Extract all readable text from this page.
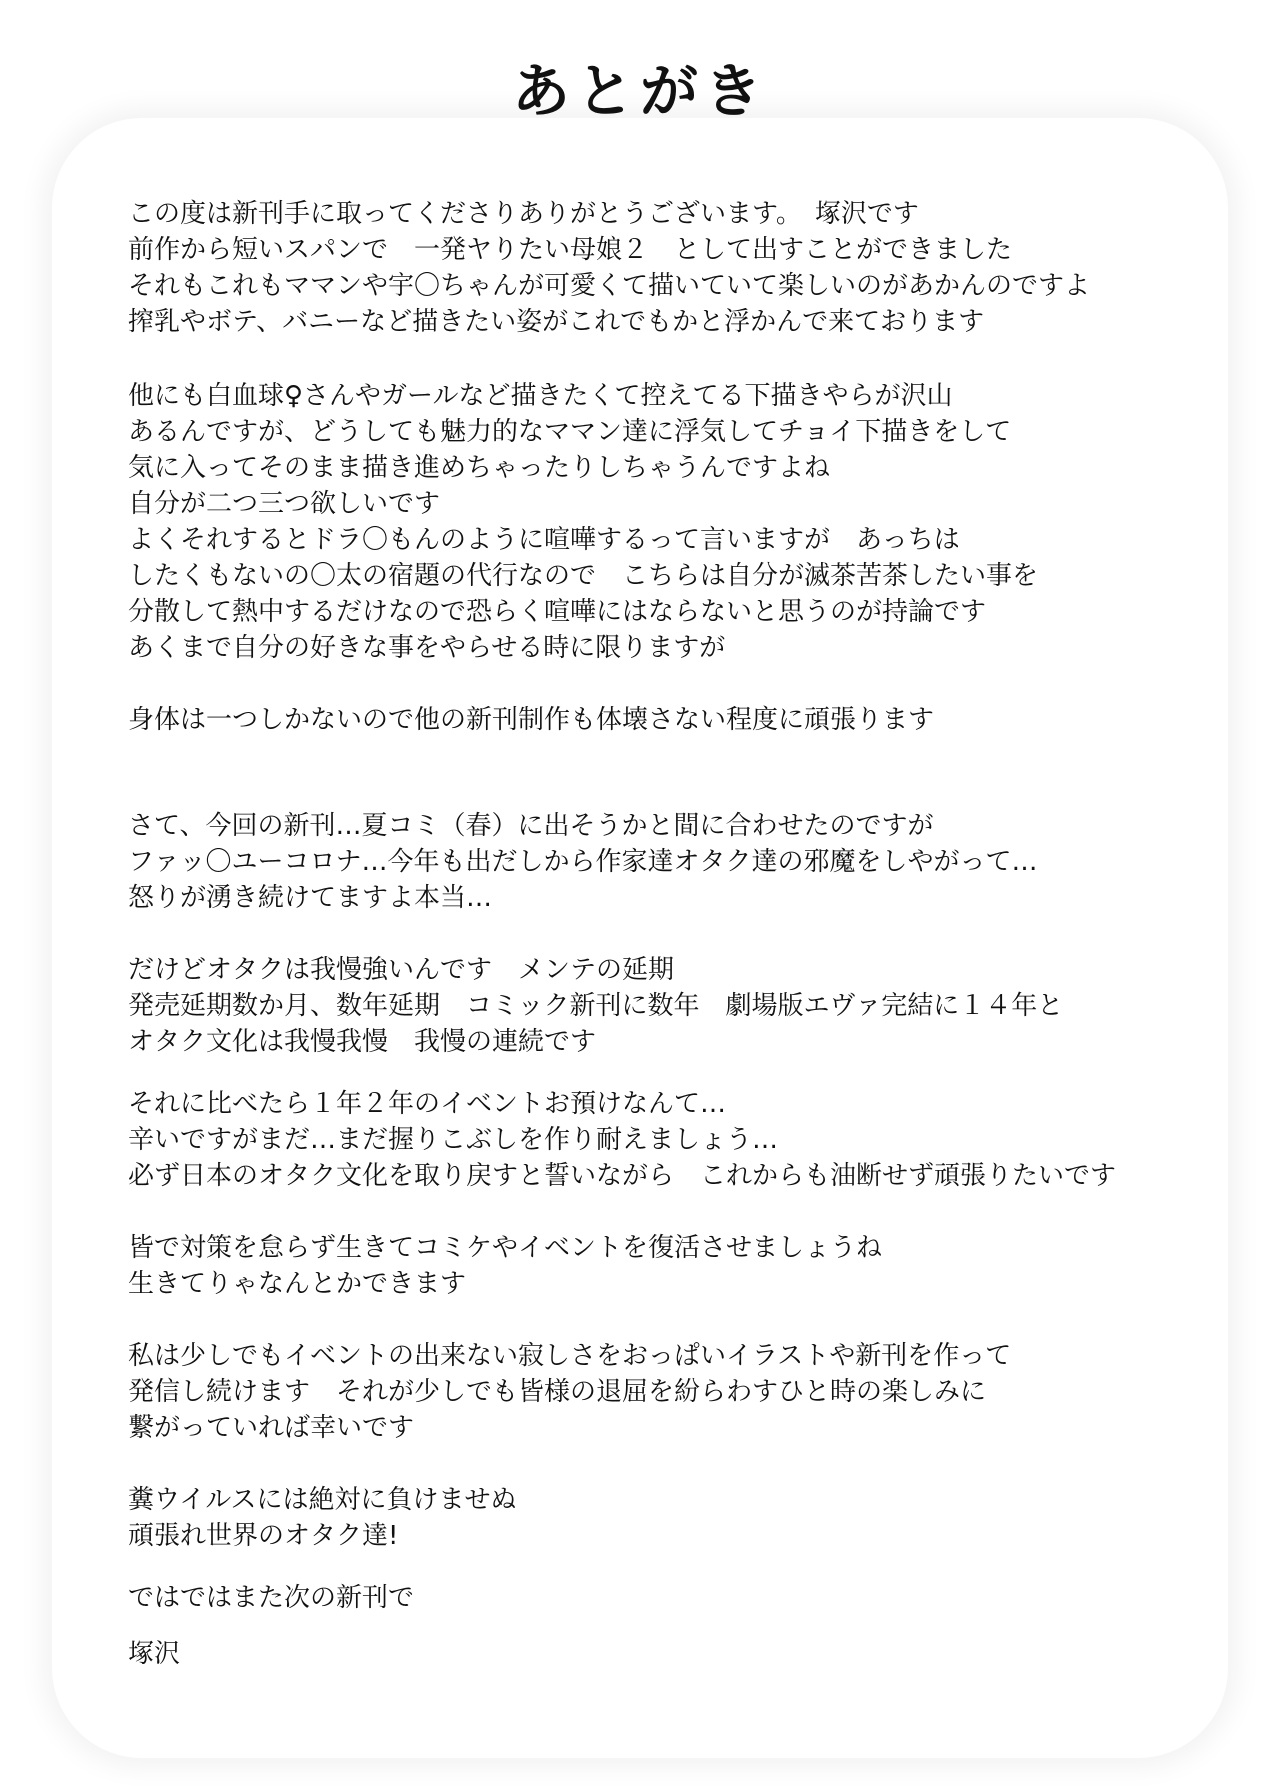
あとがき
この度は新刊手に取ってくださりありがとうございます。　塚沢です
前作から短いスパンで　一発ヤりたい母娘２　として出すことができました
それもこれもママンや宇〇ちゃんが可愛くて描いていて楽しいのがあかんのですよ
搾乳やボテ、バニーなど描きたい姿がこれでもかと浮かんで来ております
他にも白血球♀さんやガールなど描きたくて控えてる下描きやらが沢山
あるんですが、どうしても魅力的なママン達に浮気してチョイ下描きをして
気に入ってそのまま描き進めちゃったりしちゃうんですよね
自分が二つ三つ欲しいです
よくそれするとドラ〇もんのように喧嘩するって言いますが　あっちは
したくもないの〇太の宿題の代行なので　こちらは自分が滅茶苦茶したい事を
分散して熱中するだけなので恐らく喧嘩にはならないと思うのが持論です
あくまで自分の好きな事をやらせる時に限りますが
身体は一つしかないので他の新刊制作も体壊さない程度に頑張ります
さて、今回の新刊…夏コミ（春）に出そうかと間に合わせたのですが
ファッ〇ユーコロナ…今年も出だしから作家達オタク達の邪魔をしやがって…
怒りが湧き続けてますよ本当…
だけどオタクは我慢強いんです　メンテの延期
発売延期数か月、数年延期　コミック新刊に数年　劇場版エヴァ完結に１４年と
オタク文化は我慢我慢　我慢の連続です
それに比べたら１年２年のイベントお預けなんて…
辛いですがまだ…まだ握りこぶしを作り耐えましょう…
必ず日本のオタク文化を取り戻すと誓いながら　これからも油断せず頑張りたいです
皆で対策を怠らず生きてコミケやイベントを復活させましょうね
生きてりゃなんとかできます
私は少しでもイベントの出来ない寂しさをおっぱいイラストや新刊を作って
発信し続けます　それが少しでも皆様の退屈を紛らわすひと時の楽しみに
繋がっていれば幸いです
糞ウイルスには絶対に負けませぬ
頑張れ世界のオタク達!
ではではまた次の新刊で
塚沢
